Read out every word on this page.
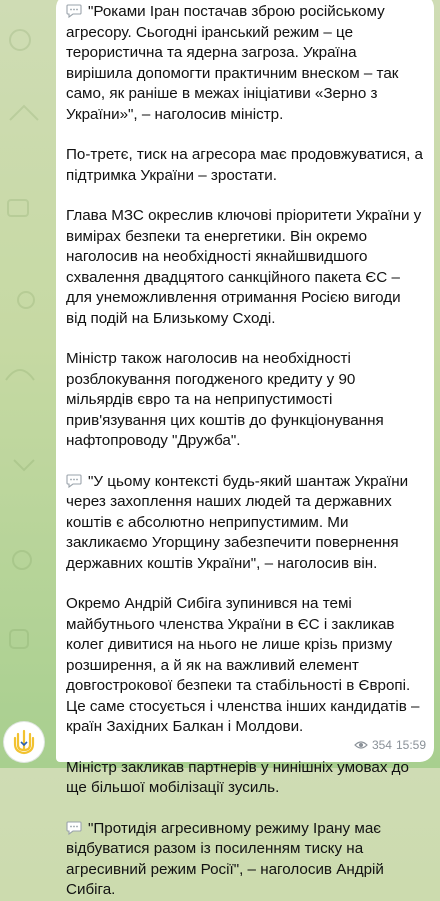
"Роками Іран постачав зброю російському агресору. Сьогодні іранський режим – це терористична та ядерна загроза. Україна вирішила допомогти практичним внеском – так само, як раніше в межах ініціативи «Зерно з України»", – наголосив міністр.

По-третє, тиск на агресора має продовжуватися, а підтримка України – зростати.

Глава МЗС окреслив ключові пріоритети України у вимірах безпеки та енергетики. Він окремо наголосив на необхідності якнайшвидшого схвалення двадцятого санкційного пакета ЄС – для унеможливлення отримання Росією вигоди від подій на Близькому Сході.

Міністр також наголосив на необхідності розблокування погодженого кредиту у 90 мільярдів євро та на неприпустимості прив'язування цих коштів до функціонування нафтопроводу "Дружба".

"У цьому контексті будь-який шантаж України через захоплення наших людей та державних коштів є абсолютно неприпустимим. Ми закликаємо Угорщину забезпечити повернення державних коштів України", – наголосив він.

Окремо Андрій Сибіга зупинився на темі майбутнього членства України в ЄС і закликав колег дивитися на нього не лише крізь призму розширення, а й як на важливий елемент довгострокової безпеки та стабільності в Європі. Це саме стосується і членства інших кандидатів – країн Західних Балкан і Молдови.

Міністр закликав партнерів у нинішніх умовах до ще більшої мобілізації зусиль.

"Протидія агресивному режиму Ірану має відбуватися разом із посиленням тиску на агресивний режим Росії", – наголосив Андрій Сибіга.

354 15:59
